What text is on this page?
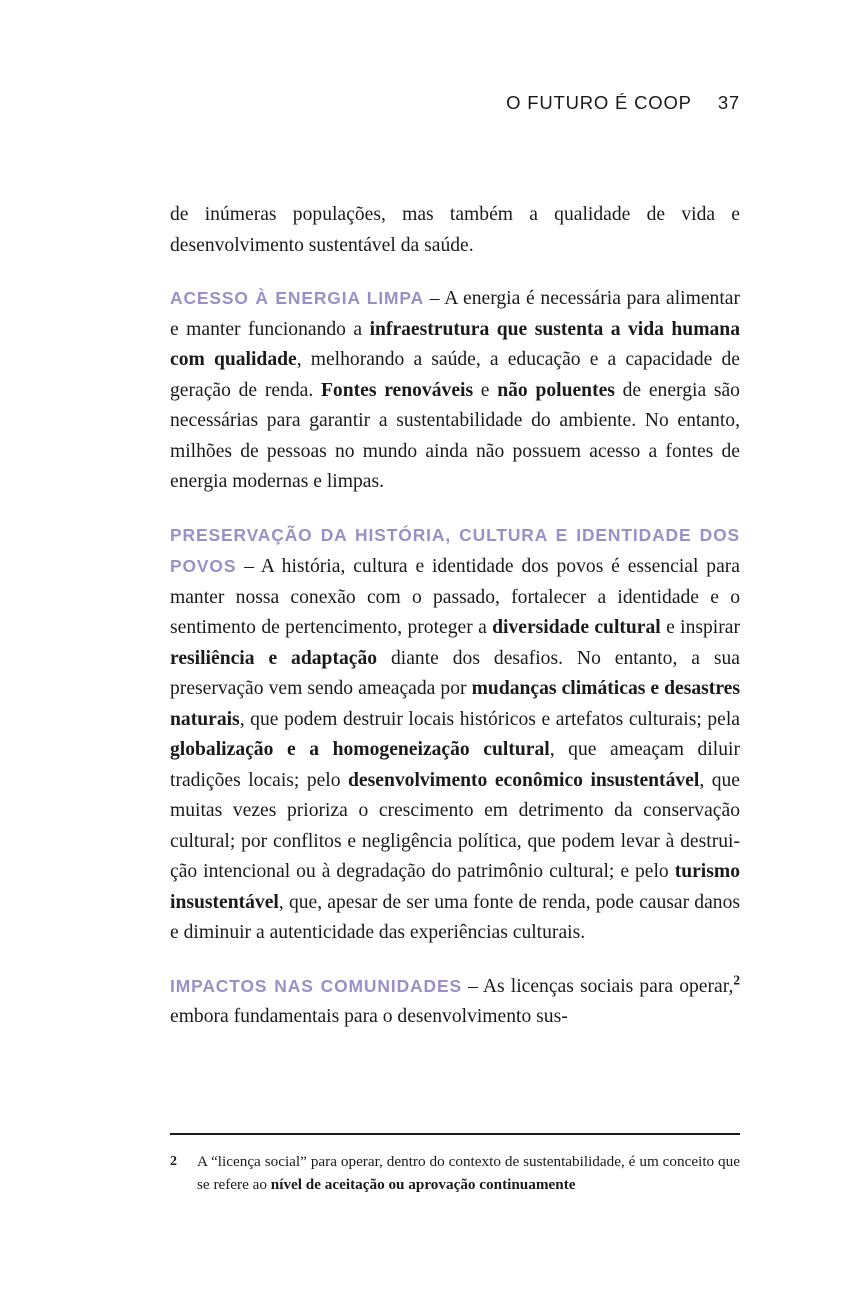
O FUTURO É COOP 37

de inúmeras populações, mas também a qualidade de vida e desenvolvimento sustentável da saúde.

ACESSO À ENERGIA LIMPA – A energia é necessária para alimentar e manter funcionando a infraestrutura que sustenta a vida humana com qualidade, melhorando a saúde, a educação e a capacidade de geração de renda. Fontes renováveis e não poluentes de energia são necessárias para garantir a sustentabilidade do ambiente. No entanto, milhões de pessoas no mundo ainda não possuem acesso a fontes de energia modernas e limpas.

PRESERVAÇÃO DA HISTÓRIA, CULTURA E IDENTIDADE DOS POVOS – A história, cultura e identidade dos povos é essencial para manter nossa conexão com o passado, fortalecer a identidade e o sentimento de pertencimento, proteger a diversidade cultural e inspirar resiliência e adaptação diante dos desafios. No entanto, a sua preservação vem sendo ameaçada por mudanças climáticas e desastres naturais, que podem destruir locais históricos e artefatos culturais; pela globalização e a homogeneização cultural, que ameaçam diluir tradições locais; pelo desenvolvimento econômico insustentável, que muitas vezes prioriza o crescimento em detrimento da conservação cultural; por conflitos e negligência política, que podem levar à destruição intencional ou à degradação do patrimônio cultural; e pelo turismo insustentável, que, apesar de ser uma fonte de renda, pode causar danos e diminuir a autenticidade das experiências culturais.

IMPACTOS NAS COMUNIDADES – As licenças sociais para operar,$^2$ embora fundamentais para o desenvolvimento sus-

2 A “licença social” para operar, dentro do contexto de sustentabilidade, é um conceito que se refere ao nível de aceitação ou aprovação continuamente
